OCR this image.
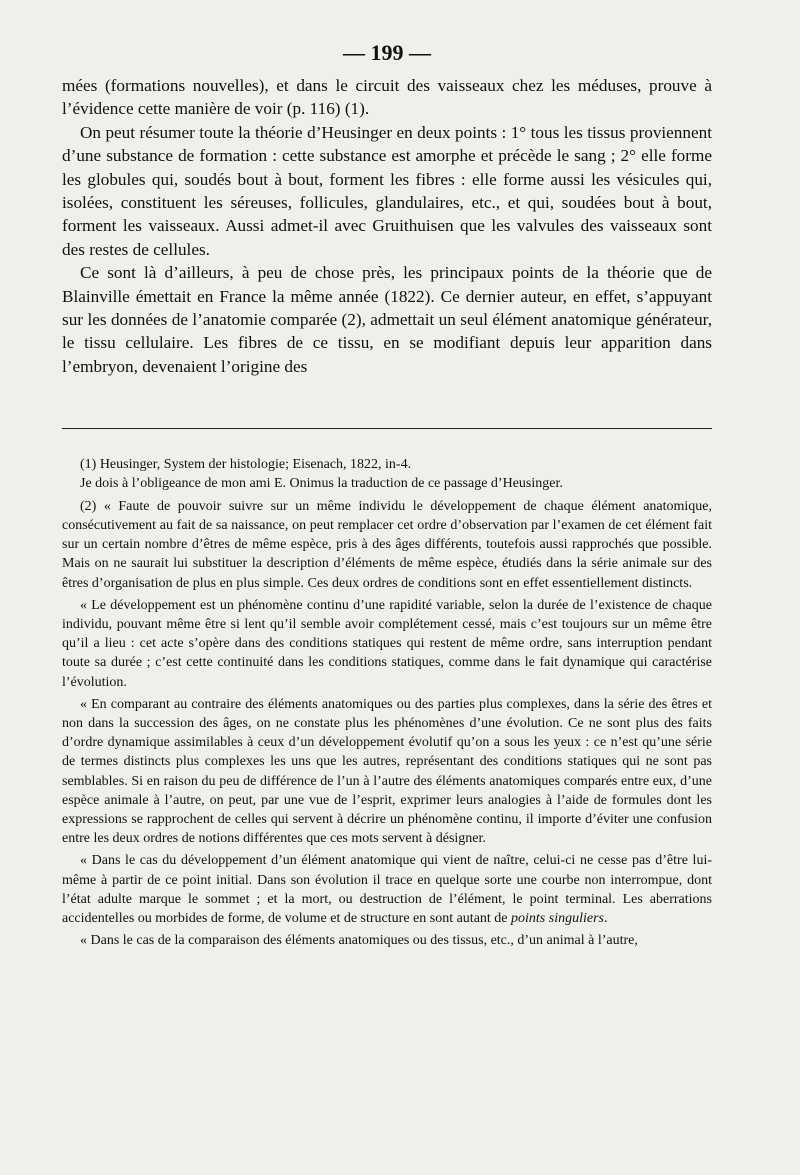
— 199 —

mées (formations nouvelles), et dans le circuit des vaisseaux chez les méduses, prouve à l’évidence cette manière de voir (p. 116) (1).

On peut résumer toute la théorie d’Heusinger en deux points : 1° tous les tissus proviennent d’une substance de formation : cette substance est amorphe et précède le sang ; 2° elle forme les globules qui, soudés bout à bout, forment les fibres : elle forme aussi les vésicules qui, isolées, constituent les séreuses, follicules, glandulaires, etc., et qui, soudées bout à bout, forment les vaisseaux. Aussi admet-il avec Gruithuisen que les valvules des vaisseaux sont des restes de cellules.

Ce sont là d’ailleurs, à peu de chose près, les principaux points de la théorie que de Blainville émettait en France la même année (1822). Ce dernier auteur, en effet, s’appuyant sur les données de l’anatomie comparée (2), admettait un seul élément anatomique générateur, le tissu cellulaire. Les fibres de ce tissu, en se modifiant depuis leur apparition dans l’embryon, devenaient l’origine des

(1) Heusinger, System der histologie; Eisenach, 1822, in-4.

Je dois à l’obligeance de mon ami E. Onimus la traduction de ce passage d’Heusinger.

(2) « Faute de pouvoir suivre sur un même individu le développement de chaque élément anatomique, consécutivement au fait de sa naissance, on peut remplacer cet ordre d’observation par l’examen de cet élément fait sur un certain nombre d’êtres de même espèce, pris à des âges différents, toutefois aussi rapprochés que possible. Mais on ne saurait lui substituer la description d’éléments de même espèce, étudiés dans la série animale sur des êtres d’organisation de plus en plus simple. Ces deux ordres de conditions sont en effet essentiellement distincts.

« Le développement est un phénomène continu d’une rapidité variable, selon la durée de l’existence de chaque individu, pouvant même être si lent qu’il semble avoir complétement cessé, mais c’est toujours sur un même être qu’il a lieu : cet acte s’opère dans des conditions statiques qui restent de même ordre, sans interruption pendant toute sa durée ; c’est cette continuité dans les conditions statiques, comme dans le fait dynamique qui caractérise l’évolution.

« En comparant au contraire des éléments anatomiques ou des parties plus complexes, dans la série des êtres et non dans la succession des âges, on ne constate plus les phénomènes d’une évolution. Ce ne sont plus des faits d’ordre dynamique assimilables à ceux d’un développement évolutif qu’on a sous les yeux : ce n’est qu’une série de termes distincts plus complexes les uns que les autres, représentant des conditions statiques qui ne sont pas semblables. Si en raison du peu de différence de l’un à l’autre des éléments anatomiques comparés entre eux, d’une espèce animale à l’autre, on peut, par une vue de l’esprit, exprimer leurs analogies à l’aide de formules dont les expressions se rapprochent de celles qui servent à décrire un phénomène continu, il importe d’éviter une confusion entre les deux ordres de notions différentes que ces mots servent à désigner.

« Dans le cas du développement d’un élément anatomique qui vient de naître, celui-ci ne cesse pas d’être lui-même à partir de ce point initial. Dans son évolution il trace en quelque sorte une courbe non interrompue, dont l’état adulte marque le sommet ; et la mort, ou destruction de l’élément, le point terminal. Les aberrations accidentelles ou morbides de forme, de volume et de structure en sont autant de points singuliers.

« Dans le cas de la comparaison des éléments anatomiques ou des tissus, etc., d’un animal à l’autre,
